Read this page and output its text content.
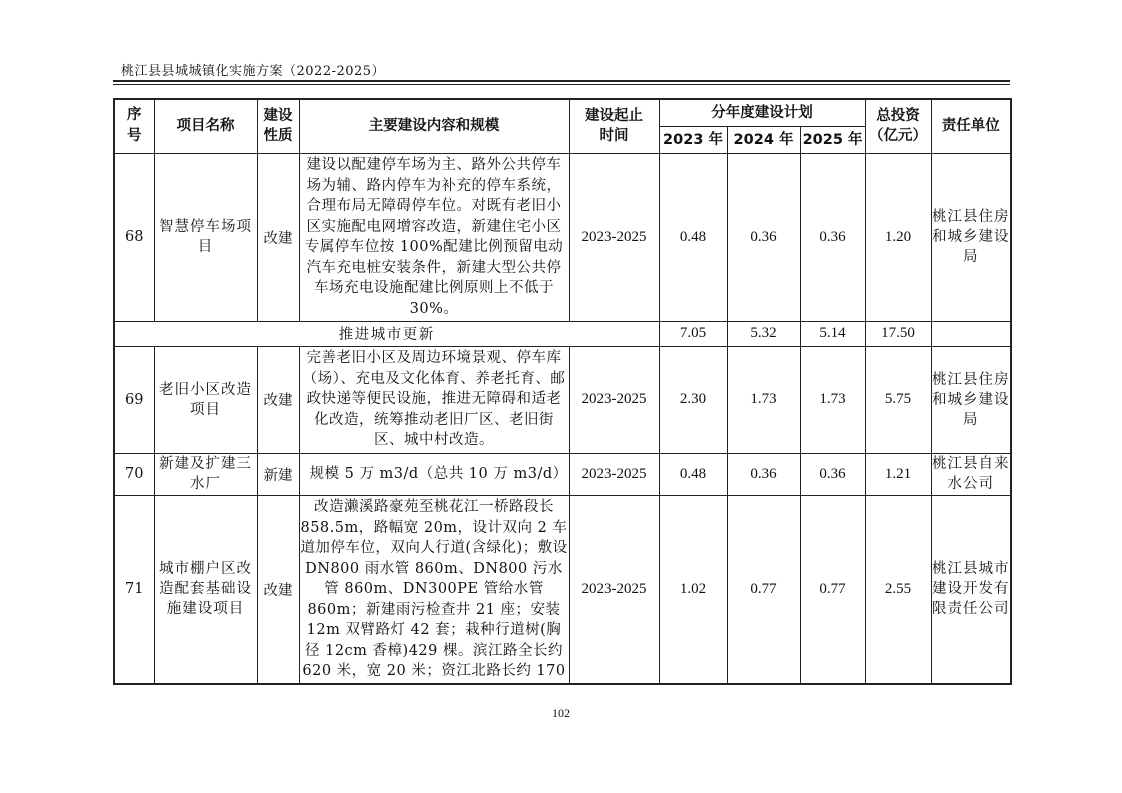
桃江县县城城镇化实施方案（2022-2025）
序号	项目名称	建设性质	主要建设内容和规模	建设起止时间	分年度建设计划			总投资（亿元）	责任单位
					2023 年	2024 年	2025 年		
68	智慧停车场项目	改建	建设以配建停车场为主、路外公共停车场为辅、路内停车为补充的停车系统，合理布局无障碍停车位。对既有老旧小区实施配电网增容改造，新建住宅小区专属停车位按 100%配建比例预留电动汽车充电桩安装条件，新建大型公共停车场充电设施配建比例原则上不低于 30%。	2023-2025	0.48	0.36	0.36	1.20	桃江县住房和城乡建设局
推进城市更新					7.05	5.32	5.14	17.50	
69	老旧小区改造项目	改建	完善老旧小区及周边环境景观、停车库（场）、充电及文化体育、养老托育、邮政快递等便民设施，推进无障碍和适老化改造，统筹推动老旧厂区、老旧街区、城中村改造。	2023-2025	2.30	1.73	1.73	5.75	桃江县住房和城乡建设局
70	新建及扩建三水厂	新建	规模 5 万 m3/d（总共 10 万 m3/d）	2023-2025	0.48	0.36	0.36	1.21	桃江县自来水公司
71	城市棚户区改造配套基础设施建设项目	改建	改造濑溪路豪苑至桃花江一桥路段长 858.5m，路幅宽 20m，设计双向 2 车道加停车位，双向人行道(含绿化)；敷设 DN800 雨水管 860m、DN800 污水管 860m、DN300PE 管给水管 860m；新建雨污检查井 21 座；安装 12m 双臂路灯 42 套；栽种行道树(胸径 12cm 香樟)429 棵。滨江路全长约 620 米，宽 20 米；资江北路长约 170	2023-2025	1.02	0.77	0.77	2.55	桃江县城市建设开发有限责任公司
102
